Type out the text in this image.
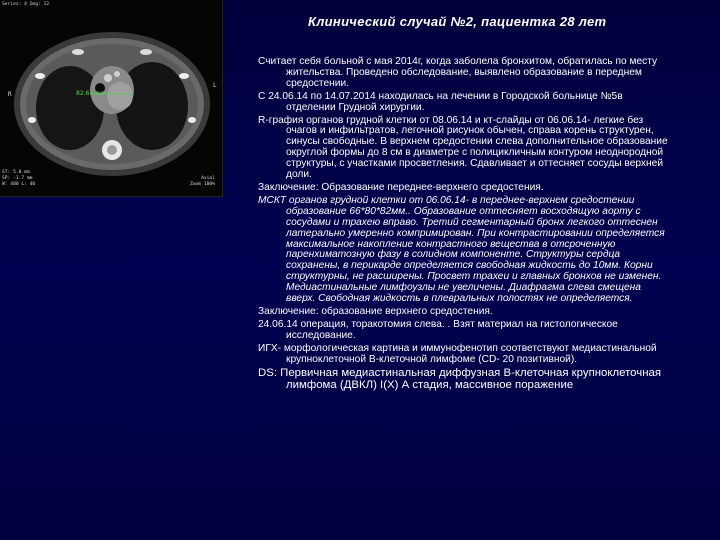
Series: 4 Img: 12
ST: 5.0 mm
SP: -1.7 mm
W: 400 L: 40
Axial
Zoom 100%
R
L
82.64 mm
Клинический случай №2, пациентка 28 лет

Считает себя больной с мая 2014г, когда заболела бронхитом, обратилась по месту жительства. Проведено обследование, выявлено образование в переднем средостении.

С 24.06.14 по 14.07.2014 находилась на лечении в Городской больнице №5в отделении Грудной хирургии.

R-графия органов грудной клетки от 08.06.14 и кт-слайды от 06.06.14- легкие без очагов и инфильтратов, легочной рисунок обычен, справа корень структурен, синусы свободные. В верхнем средостении слева дополнительное образование округлой формы до 8 см в диаметре с полицикличным контуром неоднородной структуры, с участками просветления. Сдавливает и оттесняет сосуды верхней доли.

Заключение: Образование переднее-верхнего средостения.

МСКТ органов грудной клетки от 06.06.14- в переднее-верхнем средостении образование 66*80*82мм.. Образование оттесняет восходящую аорту с сосудами и трахею вправо. Третий сегментарный бронх легкого оттеснен латерально умеренно компримирован. При контрастировании определяется максимальное накопление контрастного вещества в отсроченную паренхиматозную фазу в солидном компоненте. Структуры сердца сохранены, в перикарде определяется свободная жидкость до 10мм. Корни структурны, не расширены. Просвет трахеи и главных бронхов не изменен. Медиастинальные лимфоузлы не увеличены. Диафрагма слева смещена вверх. Свободная жидкость в плевральных полостях не определяется.

Заключение: образование верхнего средостения.

24.06.14 операция, торакотомия слева. . Взят материал на гистологическое исследование.

ИГХ- морфологическая картина и иммунофенотип соответствуют медиастинальной крупноклеточной В-клеточной лимфоме (CD- 20 позитивной).

DS: Первичная медиастинальная диффузная В-клеточная крупноклеточная лимфома (ДВКЛ) I(X) А стадия, массивное поражение
